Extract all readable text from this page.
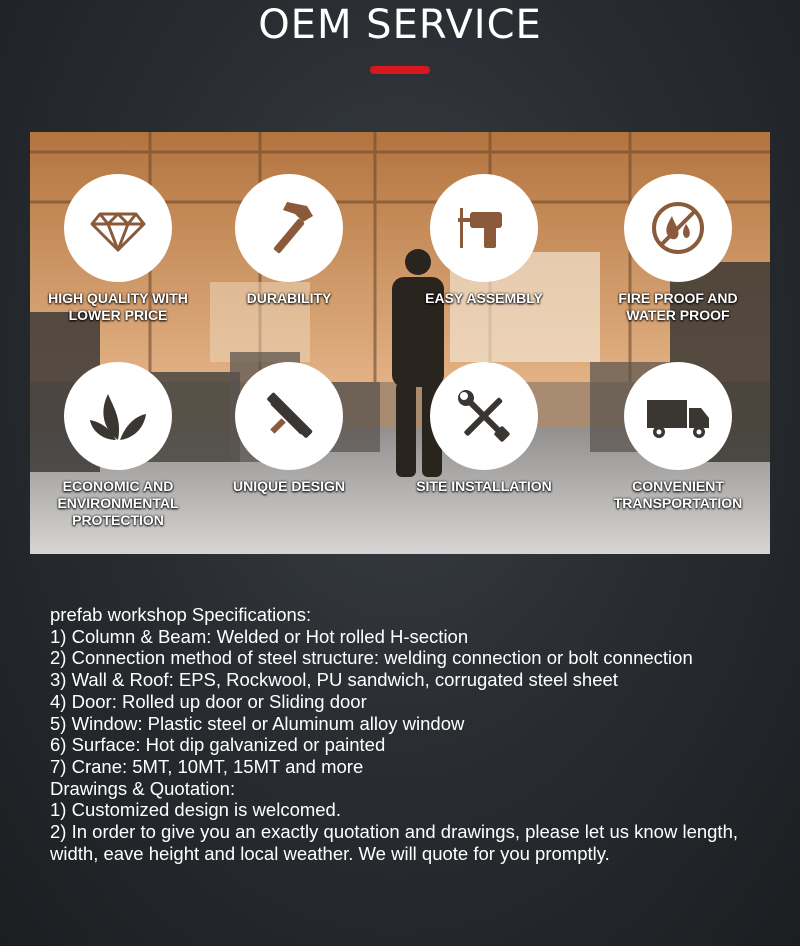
OEM SERVICE
HIGH QUALITY WITH
LOWER PRICE
DURABILITY	EASY ASSEMBLY	FIRE PROOF AND
WATER PROOF
ECONOMIC AND
ENVIRONMENTAL
PROTECTION
UNIQUE DESIGN	SITE INSTALLATION	CONVENIENT
TRANSPORTATION
prefab workshop Specifications:
1) Column & Beam: Welded or Hot rolled H-section
2) Connection method of steel structure: welding connection or bolt connection
3) Wall & Roof: EPS, Rockwool, PU sandwich, corrugated steel sheet
4) Door: Rolled up door or Sliding door
5) Window: Plastic steel or Aluminum alloy window
6) Surface: Hot dip galvanized or painted
7) Crane: 5MT, 10MT, 15MT and more
Drawings & Quotation:
1) Customized design is welcomed.
2) In order to give you an exactly quotation and drawings, please let us know length, width, eave height and local weather. We will quote for you promptly.
